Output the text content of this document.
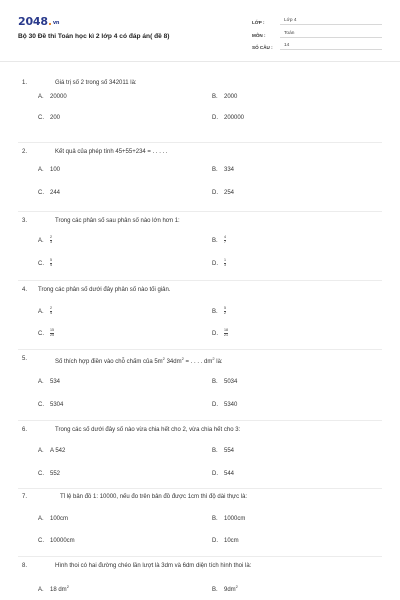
2048.vn
Bộ 30 Đề thi Toán học kì 2 lớp 4 có đáp án( đề 8)
LỚP :	Lớp 4
MÔN :	Toán
SỐ CÂU :	14
1.	Giá trị số 2 trong số 342011 là:
A. 20000	B. 2000
C. 200	D. 200000
2.	Kết quả của phép tính 45+55+234 = . . . . .
A. 100	B. 334
C. 244	D. 254
3.	Trong các phân số sau phân số nào lớn hơn 1:
A. $\frac{2}{3}$	B. $\frac{4}{7}$
C. $\frac{5}{4}$	D. $\frac{1}{3}$
4. Trong các phân số dưới đây phân số nào tối giản.
A. $\frac{2}{4}$	B. $\frac{5}{2}$
C. $\frac{15}{25}$	D. $\frac{18}{21}$
5.	Số thích hợp điền vào chỗ chấm của $5m^2$ $34dm^2$ = . . . . $dm^2$ là:
A. 534	B. 5034
C. 5304	D. 5340
6.	Trong các số dưới đây số nào vừa chia hết cho 2, vừa chia hết cho 3:
A. A 542	B. 554
C. 552	D. 544
7.	Tỉ lệ bản đồ 1: 10000, nếu đo trên bản đồ được 1cm thì độ dài thực là:
A. 100cm	B. 1000cm
C. 10000cm	D. 10cm
8.	Hình thoi có hai đường chéo lần lượt là 3dm và 6dm diện tích hình thoi là:
A. 18 $dm^2$
B. $9dm^2$
